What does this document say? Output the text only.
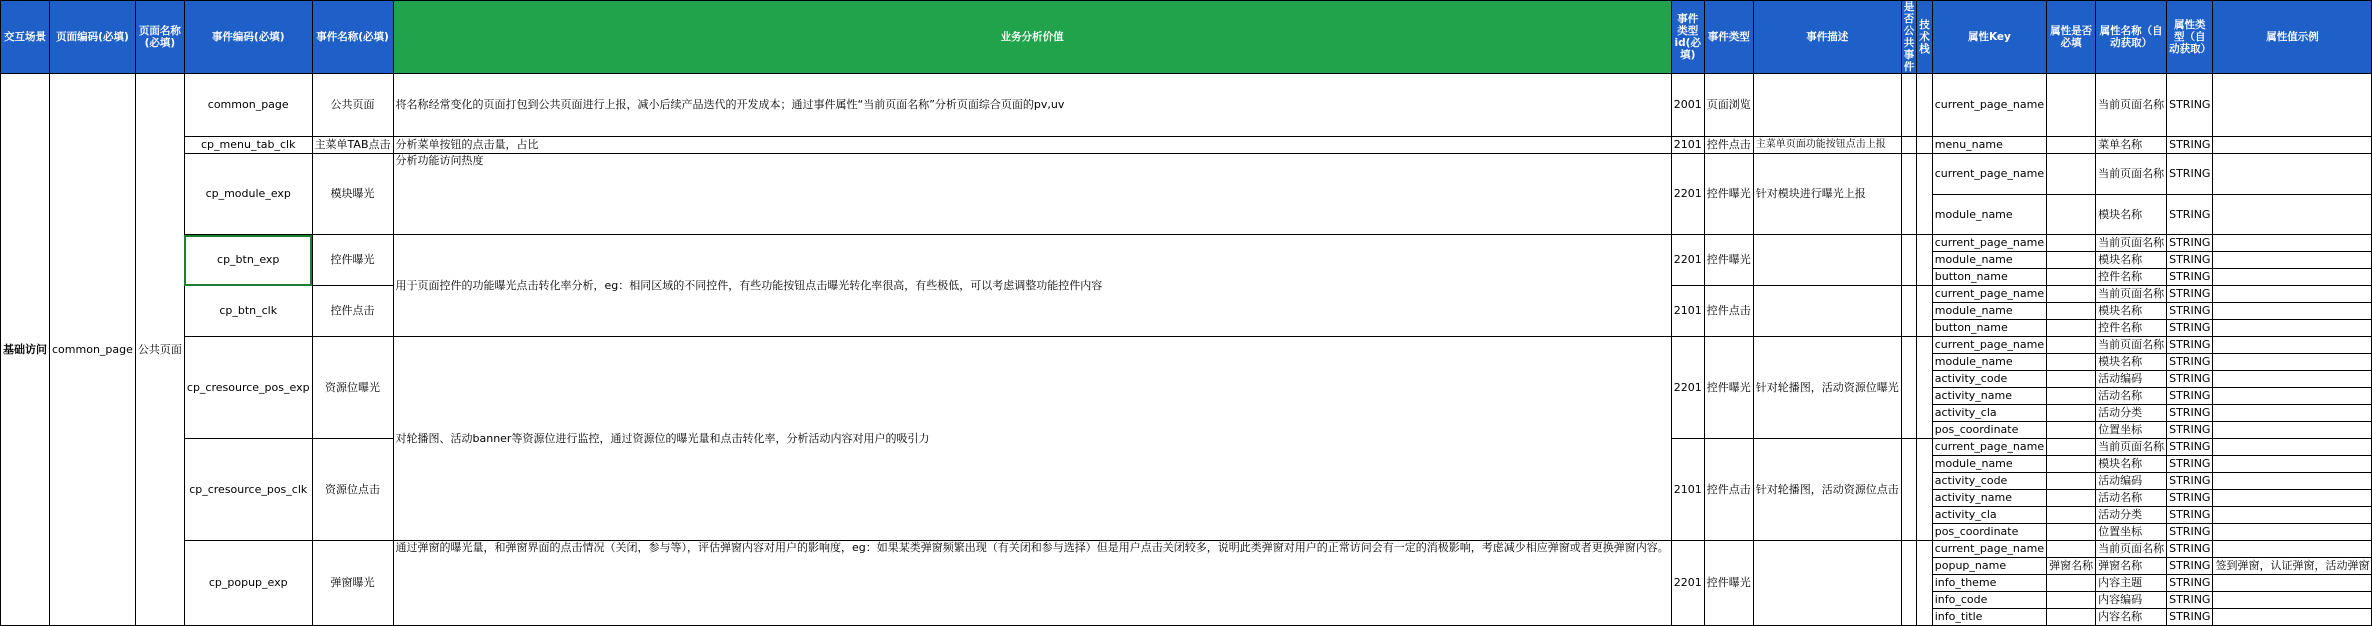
交互场景	页面编码(必填)	页面名称(必填)	事件编码(必填)	事件名称(必填)	业务分析价值	事件类型id(必填)	事件类型	事件描述	是否公共事件	技术栈	属性Key	属性是否必填	属性名称（自动获取）	属性类型（自动获取）	属性值示例
基础访问	common_page	公共页面	common_page	公共页面	将名称经常变化的页面打包到公共页面进行上报，减小后续产品迭代的开发成本；通过事件属性“当前页面名称”分析页面综合页面的pv,uv	2001	页面浏览				current_page_name		当前页面名称	STRING	
			cp_menu_tab_clk	主菜单TAB点击	分析菜单按钮的点击量，占比	2101	控件点击	主菜单页面功能按钮点击上报			menu_name		菜单名称	STRING	
			cp_module_exp	模块曝光	分析功能访问热度	2201	控件曝光	针对模块进行曝光上报			current_page_name		当前页面名称	STRING	
											module_name		模块名称	STRING	
			cp_btn_exp	控件曝光	用于页面控件的功能曝光点击转化率分析，eg：相同区域的不同控件，有些功能按钮点击曝光转化率很高，有些极低，可以考虑调整功能控件内容	2201	控件曝光				current_page_name		当前页面名称	STRING	
											module_name		模块名称	STRING	
											button_name		控件名称	STRING	
			cp_btn_clk	控件点击		2101	控件点击				current_page_name		当前页面名称	STRING	
											module_name		模块名称	STRING	
											button_name		控件名称	STRING	
			cp_cresource_pos_exp	资源位曝光	对轮播图、活动banner等资源位进行监控，通过资源位的曝光量和点击转化率，分析活动内容对用户的吸引力	2201	控件曝光	针对轮播图，活动资源位曝光			current_page_name		当前页面名称	STRING	
											module_name		模块名称	STRING	
											activity_code		活动编码	STRING	
											activity_name		活动名称	STRING	
											activity_cla		活动分类	STRING	
											pos_coordinate		位置坐标	STRING	
			cp_cresource_pos_clk	资源位点击		2101	控件点击	针对轮播图，活动资源位点击			current_page_name		当前页面名称	STRING	
											module_name		模块名称	STRING	
											activity_code		活动编码	STRING	
											activity_name		活动名称	STRING	
											activity_cla		活动分类	STRING	
											pos_coordinate		位置坐标	STRING	
			cp_popup_exp	弹窗曝光	通过弹窗的曝光量，和弹窗界面的点击情况（关闭，参与等），评估弹窗内容对用户的影响度，eg：如果某类弹窗频繁出现（有关闭和参与选择）但是用户点击关闭较多，说明此类弹窗对用户的正常访问会有一定的消极影响，考虑减少相应弹窗或者更换弹窗内容。	2201	控件曝光				current_page_name		当前页面名称	STRING	
											popup_name	弹窗名称	弹窗名称	STRING	签到弹窗，认证弹窗，活动弹窗
											info_theme		内容主题	STRING	
											info_code		内容编码	STRING	
											info_title		内容名称	STRING	
